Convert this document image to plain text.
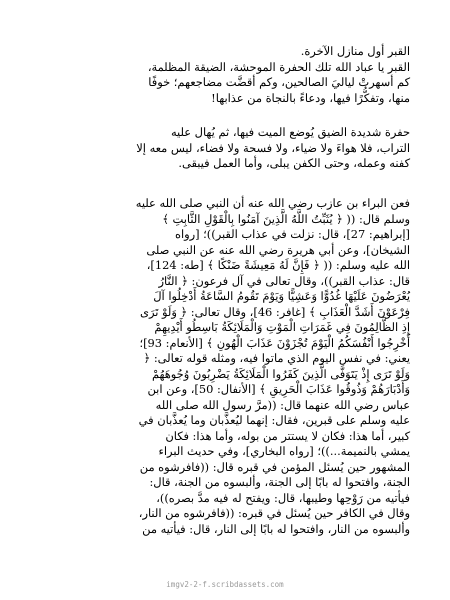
القبر أول منازل الآخرة.
القبر يا عباد الله تلك الحفرة الموحشة، الضيقة المظلمة،
كم أسهرتْ لياليَ الصالحين، وكم أقضَّت مضاجعهم؛ خوفًا
منها، وتفكُّرًا فيها، ودعاءً بالنجاة من عذابها!
حفرة شديدة الضيق يُوضع الميت فيها، ثم يُهال عليه
التراب، فلا هواءَ ولا ضياء، ولا فسحة ولا فضاء، ليس معه إلا
كفنه وعمله، وحتى الكفن يبلى، وأما العمل فيبقى.
فعن البراء بن عازب رضي الله عنه أن النبي صلى الله عليه
وسلم قال: (( ﴿ يُثَبِّتُ اللَّهُ الَّذِينَ آمَنُوا بِالْقَوْلِ الثَّابِتِ ﴾
[إبراهيم: 27]، قال: نزلت في عذاب القبر))؛ [رواه
الشيخان]، وعن أبي هريرة رضي الله عنه عن النبي صلى
الله عليه وسلم: (( ﴿ فَإِنَّ لَهُ مَعِيشَةً ضَنْكًا ﴾ [طه: 124]،
قال: عذاب القبر))، وقال تعالى في آل فرعون: ﴿ النَّارُ
يُعْرَضُونَ عَلَيْهَا غُدُوًّا وَعَشِيًّا وَيَوْمَ تَقُومُ السَّاعَةُ أَدْخِلُوا آلَ
فِرْعَوْنَ أَشَدَّ الْعَذَابِ ﴾ [غافر: 46]، وقال تعالى: ﴿ وَلَوْ تَرَى
إِذِ الظَّالِمُونَ فِي غَمَرَاتِ الْمَوْتِ وَالْمَلَائِكَةُ بَاسِطُو أَيْدِيهِمْ
أَخْرِجُوا أَنْفُسَكُمُ الْيَوْمَ تُجْزَوْنَ عَذَابَ الْهُونِ ﴾ [الأنعام: 93]؛
يعني: في نفس اليوم الذي ماتوا فيه، ومثله قوله تعالى: ﴿
وَلَوْ تَرَى إِذْ يَتَوَفَّى الَّذِينَ كَفَرُوا الْمَلَائِكَةُ يَضْرِبُونَ وُجُوهَهُمْ
وَأَدْبَارَهُمْ وَذُوقُوا عَذَابَ الْحَرِيقِ ﴾ [الأنفال: 50]، وعن ابن
عباس رضي الله عنهما قال: ((مرَّ رسول الله صلى الله
عليه وسلم على قبرين، فقال: إنهما ليُعذَّبان وما يُعذَّبان في
كبير، أما هذا: فكان لا يستتر من بوله، وأما هذا: فكان
يمشي بالنميمة...))؛ [رواه البخاري]، وفي حديث البراء
المشهور حين يُسئل المؤمن في قبره قال: ((فافرشوه من
الجنة، وافتحوا له بابًا إلى الجنة، وألبسوه من الجنة، قال:
فيأتيه من رَوْحِها وطيبها، قال: ويفتح له فيه مدَّ بصره))،
وقال في الكافر حين يُسئل في قبره: ((فافرشوه من النار،
وألبسوه من النار، وافتحوا له بابًا إلى النار، قال: فيأتيه من
imgv2-2-f.scribdassets.com
